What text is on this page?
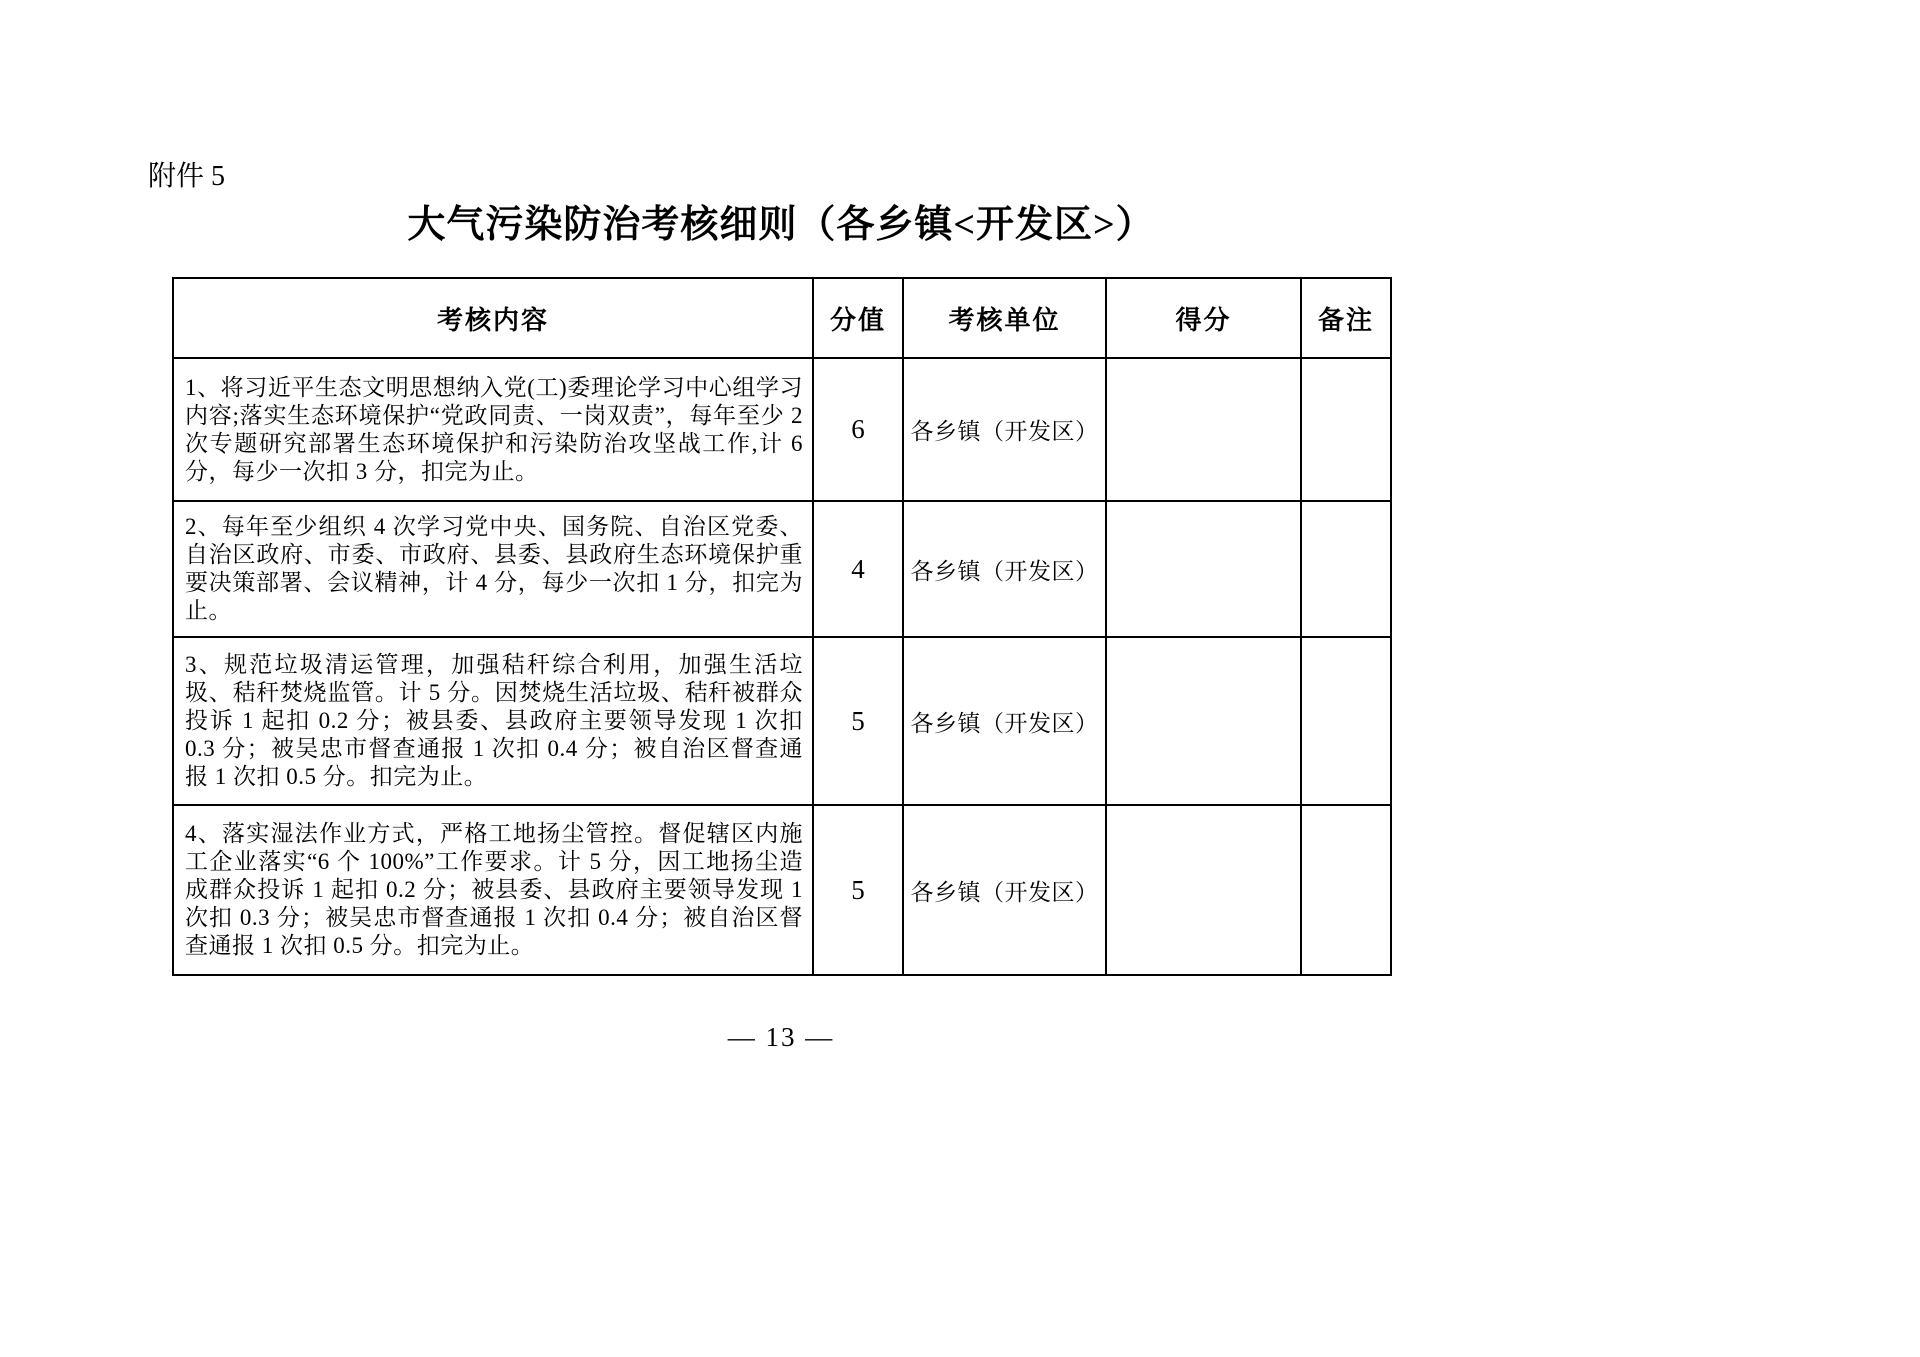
附件 5
大气污染防治考核细则（各乡镇<开发区>）
考核内容	分值	考核单位	得分	备注
1、将习近平生态文明思想纳入党(工)委理论学习中心组学习内容;落实生态环境保护“党政同责、一岗双责”，每年至少 2 次专题研究部署生态环境保护和污染防治攻坚战工作,计 6 分，每少一次扣 3 分，扣完为止。	6	各乡镇（开发区）		
2、每年至少组织 4 次学习党中央、国务院、自治区党委、自治区政府、市委、市政府、县委、县政府生态环境保护重要决策部署、会议精神，计 4 分，每少一次扣 1 分，扣完为止。	4	各乡镇（开发区）		
3、规范垃圾清运管理，加强秸秆综合利用，加强生活垃圾、秸秆焚烧监管。计 5 分。因焚烧生活垃圾、秸秆被群众投诉 1 起扣 0.2 分；被县委、县政府主要领导发现 1 次扣 0.3 分；被吴忠市督查通报 1 次扣 0.4 分；被自治区督查通报 1 次扣 0.5 分。扣完为止。	5	各乡镇（开发区）		
4、落实湿法作业方式，严格工地扬尘管控。督促辖区内施工企业落实“6 个 100%”工作要求。计 5 分，因工地扬尘造成群众投诉 1 起扣 0.2 分；被县委、县政府主要领导发现 1 次扣 0.3 分；被吴忠市督查通报 1 次扣 0.4 分；被自治区督查通报 1 次扣 0.5 分。扣完为止。	5	各乡镇（开发区）		
— 13 —
